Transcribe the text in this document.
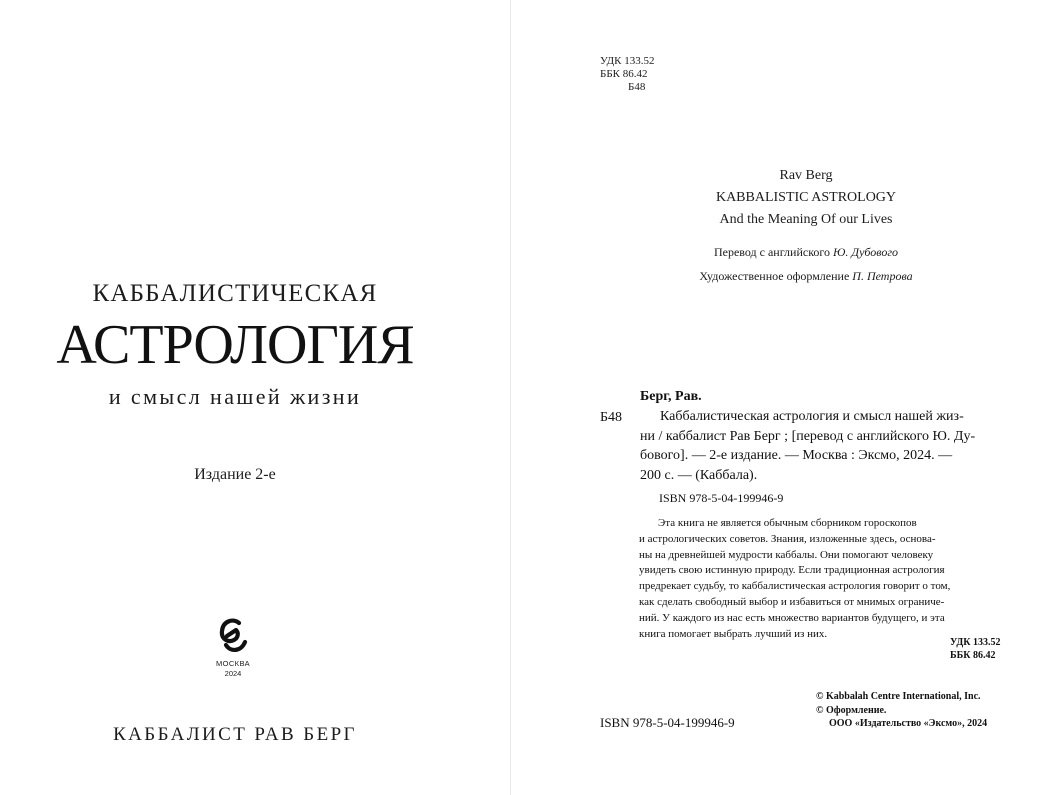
КАББАЛИСТИЧЕСКАЯ
АСТРОЛОГИЯ
и смысл нашей жизни
Издание 2-е
МОСКВА
2024
КАББАЛИСТ РАВ БЕРГ
УДК 133.52
ББК 86.42
Б48
Rav Berg
KABBALISTIC ASTROLOGY
And the Meaning Of our Lives
Перевод с английского Ю. Дубового
Художественное оформление П. Петрова
Берг, Рав.
Б48	Каббалистическая астрология и смысл нашей жиз-
ни / каббалист Рав Берг ; [перевод с английского Ю. Ду-
бового]. — 2-е издание. — Москва : Эксмо, 2024. —
200 с. — (Каббала).
ISBN 978-5-04-199946-9
Эта книга не является обычным сборником гороскопов
и астрологических советов. Знания, изложенные здесь, основа-
ны на древнейшей мудрости каббалы. Они помогают человеку
увидеть свою истинную природу. Если традиционная астрология
предрекает судьбу, то каббалистическая астрология говорит о том,
как сделать свободный выбор и избавиться от мнимых ограниче-
ний. У каждого из нас есть множество вариантов будущего, и эта
книга помогает выбрать лучший из них.
УДК 133.52
ББК 86.42
ISBN 978-5-04-199946-9
© Kabbalah Centre International, Inc.
© Оформление.
ООО «Издательство «Эксмо», 2024
